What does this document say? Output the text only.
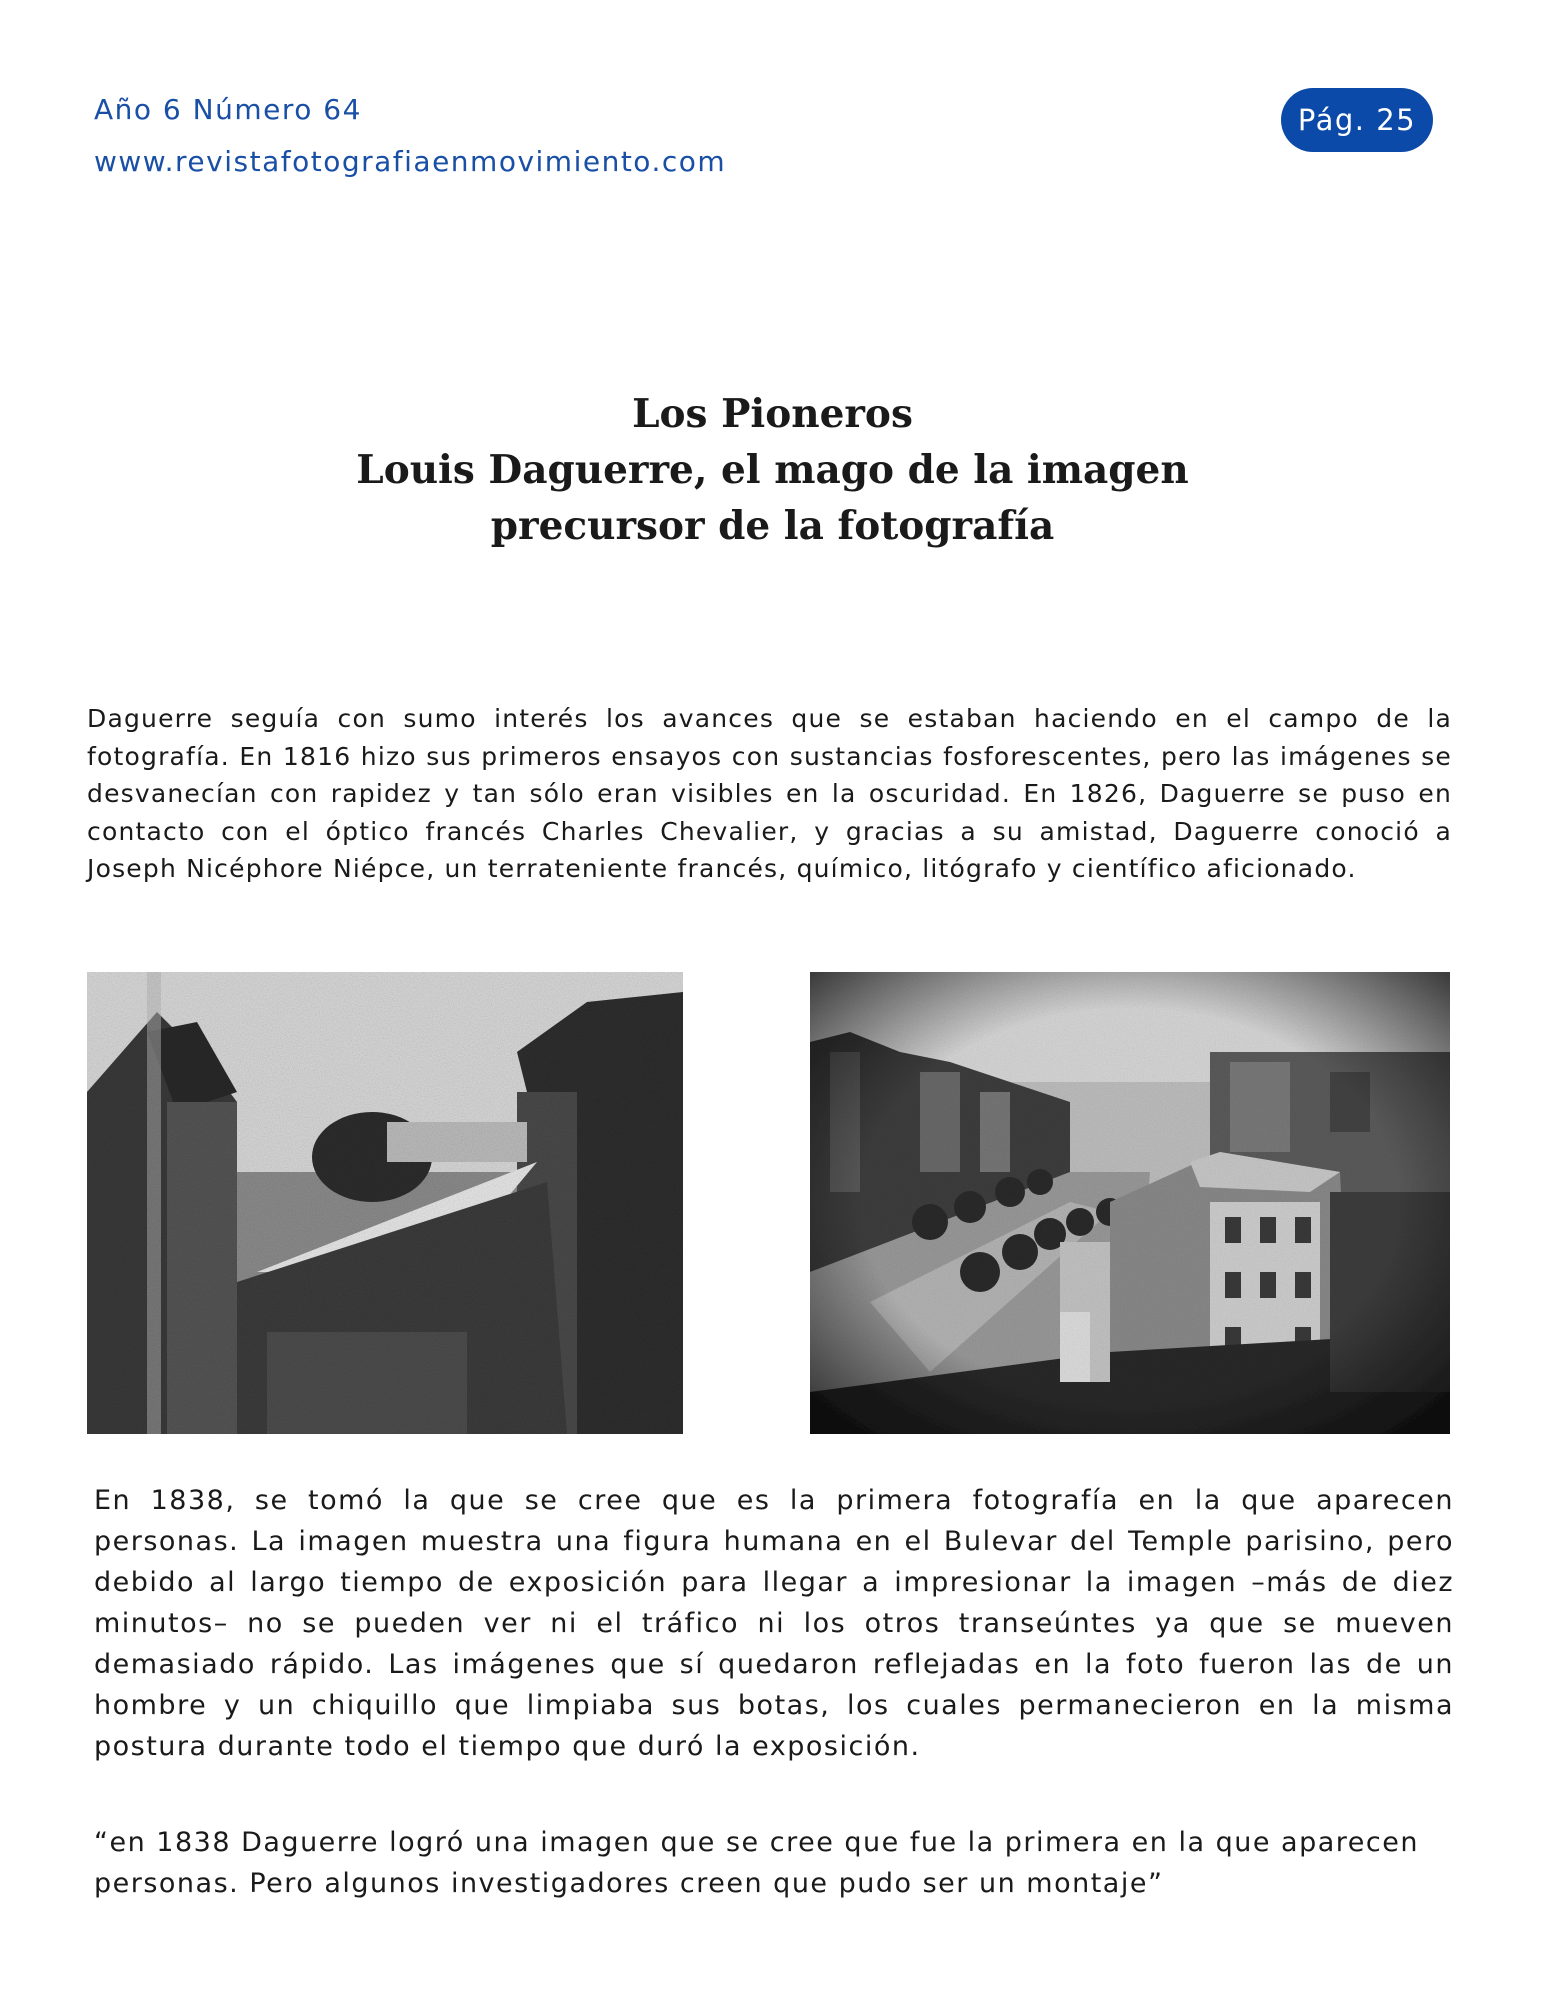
Año 6 Número 64
www.revistafotografiaenmovimiento.com
Pág. 25
Los Pioneros
Louis Daguerre, el mago de la imagen
precursor de la fotografía
Daguerre seguía con sumo interés los avances que se estaban haciendo en el campo de la fotografía. En 1816 hizo sus primeros ensayos con sustancias fosforescentes, pero las imágenes se desvanecían con rapidez y tan sólo eran visibles en la oscuridad. En 1826, Daguerre se puso en contacto con el óptico francés Charles Chevalier, y gracias a su amistad, Daguerre conoció a Joseph Nicéphore Niépce, un terrateniente francés, químico, litógrafo y científico aficionado.
En 1838, se tomó la que se cree que es la primera fotografía en la que aparecen personas. La imagen muestra una figura humana en el Bulevar del Temple parisino, pero debido al largo tiempo de exposición para llegar a impresionar la imagen –más de diez minutos– no se pueden ver ni el tráfico ni los otros transeúntes ya que se mueven demasiado rápido. Las imágenes que sí quedaron reflejadas en la foto fueron las de un hombre y un chiquillo que limpiaba sus botas, los cuales permanecieron en la misma postura durante todo el tiempo que duró la exposición.
“en 1838 Daguerre logró una imagen que se cree que fue la primera en la que aparecen personas. Pero algunos investigadores creen que pudo ser un montaje”
